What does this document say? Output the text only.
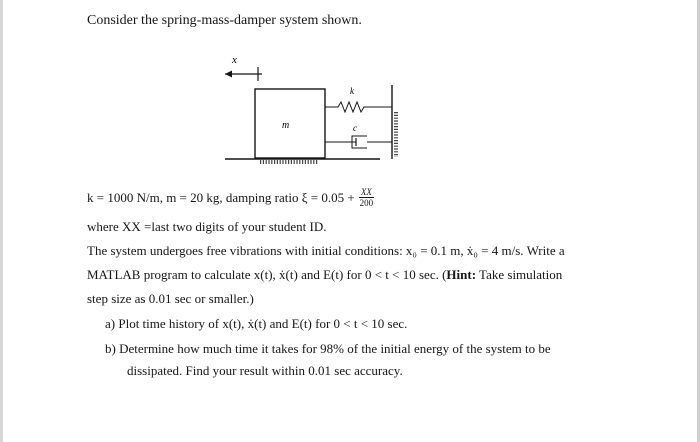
Consider the spring-mass-damper system shown.

x
m
k
c
k = 1000 N/m, m = 20 kg, damping ratio $\xi = 0.05 + \frac{XX}{200}$

where XX =last two digits of your student ID.

The system undergoes free vibrations with initial conditions: x₀ = 0.1 m, ẋ₀ = 4 m/s. Write a

MATLAB program to calculate x(t), ẋ(t) and E(t) for 0 < t < 10 sec. (Hint: Take simulation

step size as 0.01 sec or smaller.)

a) Plot time history of x(t), ẋ(t) and E(t) for 0 < t < 10 sec.

b) Determine how much time it takes for 98% of the initial energy of the system to be

dissipated. Find your result within 0.01 sec accuracy.
